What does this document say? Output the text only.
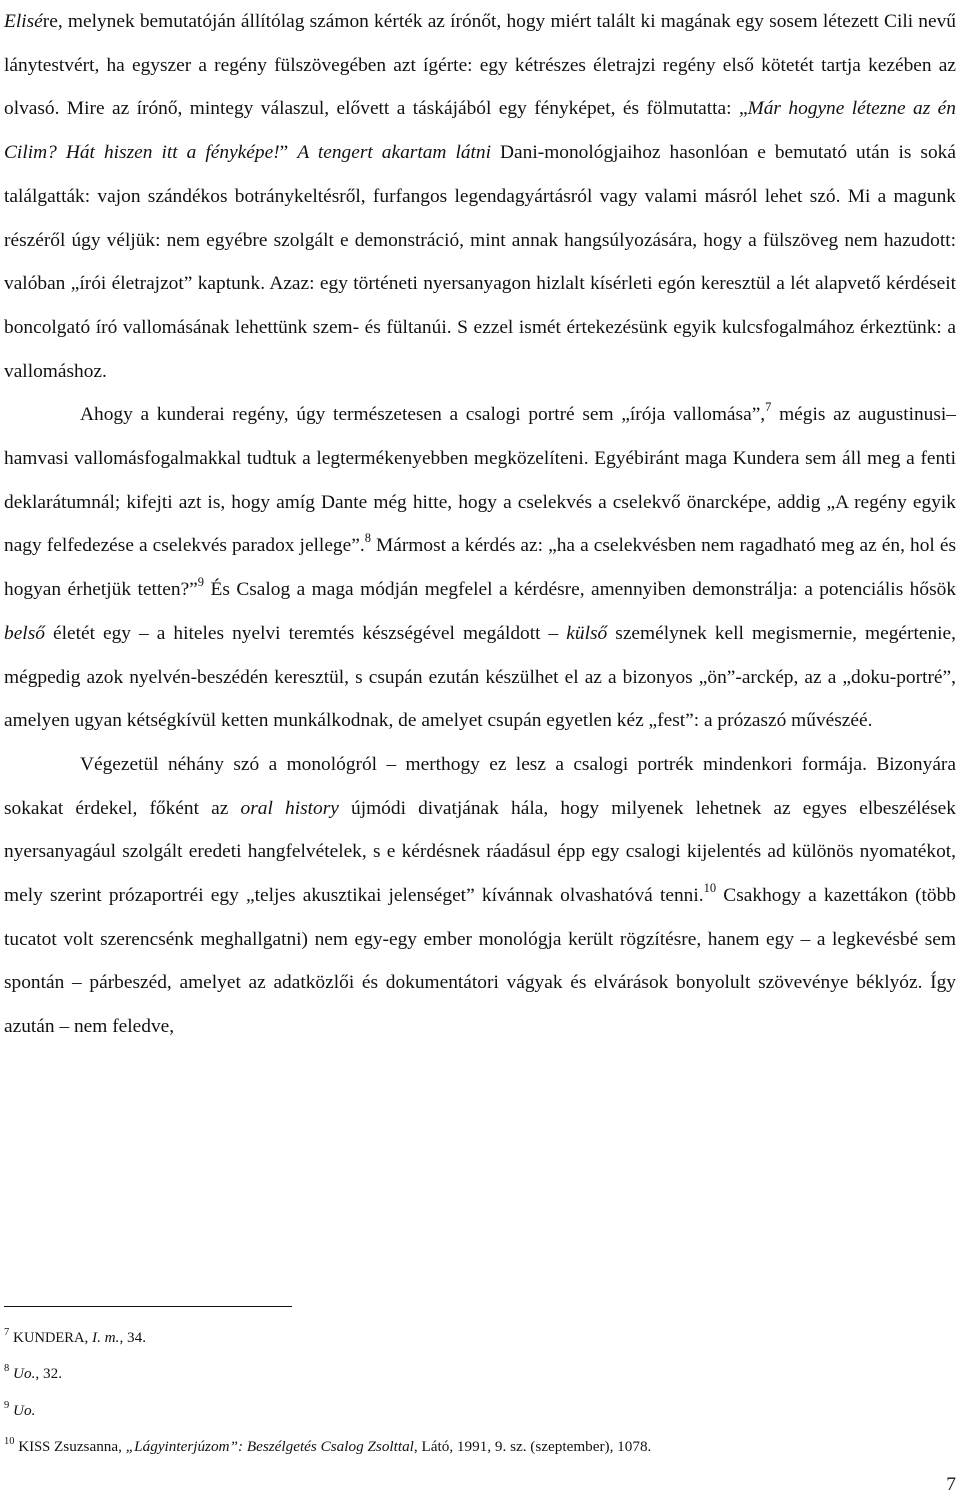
Elisére, melynek bemutatóján állítólag számon kérték az írónőt, hogy miért talált ki magának egy sosem létezett Cili nevű lánytestvért, ha egyszer a regény fülszövegében azt ígérte: egy kétrészes életrajzi regény első kötetét tartja kezében az olvasó. Mire az írónő, mintegy válaszul, elővett a táskájából egy fényképet, és fölmutatta: „Már hogyne létezne az én Cilim? Hát hiszen itt a fényképe!” A tengert akartam látni Dani-monológjaihoz hasonlóan e bemutató után is soká találgatták: vajon szándékos botránykeltésről, furfangos legendagyártásról vagy valami másról lehet szó. Mi a magunk részéről úgy véljük: nem egyébre szolgált e demonstráció, mint annak hangsúlyozására, hogy a fülszöveg nem hazudott: valóban „írói életrajzot” kaptunk. Azaz: egy történeti nyersanyagon hizlalt kísérleti egón keresztül a lét alapvető kérdéseit boncolgató író vallomásának lehettünk szem- és fültanúi. S ezzel ismét értekezésünk egyik kulcsfogalmához érkeztünk: a vallomáshoz.

Ahogy a kunderai regény, úgy természetesen a csalogi portré sem „írója vallomása”,$^7$ mégis az augustinusi–hamvasi vallomásfogalmakkal tudtuk a legtermékenyebben megközelíteni. Egyébiránt maga Kundera sem áll meg a fenti deklarátumnál; kifejti azt is, hogy amíg Dante még hitte, hogy a cselekvés a cselekvő önarcképe, addig „A regény egyik nagy felfedezése a cselekvés paradox jellege”.$^8$ Mármost a kérdés az: „ha a cselekvésben nem ragadható meg az én, hol és hogyan érhetjük tetten?”$^9$ És Csalog a maga módján megfelel a kérdésre, amennyiben demonstrálja: a potenciális hősök belső életét egy – a hiteles nyelvi teremtés készségével megáldott – külső személynek kell megismernie, megértenie, mégpedig azok nyelvén-beszédén keresztül, s csupán ezután készülhet el az a bizonyos „ön”-arckép, az a „doku-portré”, amelyen ugyan kétségkívül ketten munkálkodnak, de amelyet csupán egyetlen kéz „fest”: a prózaszó művészéé.

Végezetül néhány szó a monológról – merthogy ez lesz a csalogi portrék mindenkori formája. Bizonyára sokakat érdekel, főként az oral history újmódi divatjának hála, hogy milyenek lehetnek az egyes elbeszélések nyersanyagául szolgált eredeti hangfelvételek, s e kérdésnek ráadásul épp egy csalogi kijelentés ad különös nyomatékot, mely szerint prózaportréi egy „teljes akusztikai jelenséget” kívánnak olvashatóvá tenni.$^{10}$ Csakhogy a kazettákon (több tucatot volt szerencsénk meghallgatni) nem egy-egy ember monológja került rögzítésre, hanem egy – a legkevésbé sem spontán – párbeszéd, amelyet az adatközlői és dokumentátori vágyak és elvárások bonyolult szövevénye béklyóz. Így azután – nem feledve,

$^7$ KUNDERA, I. m., 34.

$^8$ Uo., 32.

$^9$ Uo.

$^{10}$ KISS Zsuzsanna, „Lágyinterjúzom”: Beszélgetés Csalog Zsolttal, Látó, 1991, 9. sz. (szeptember), 1078.

7
